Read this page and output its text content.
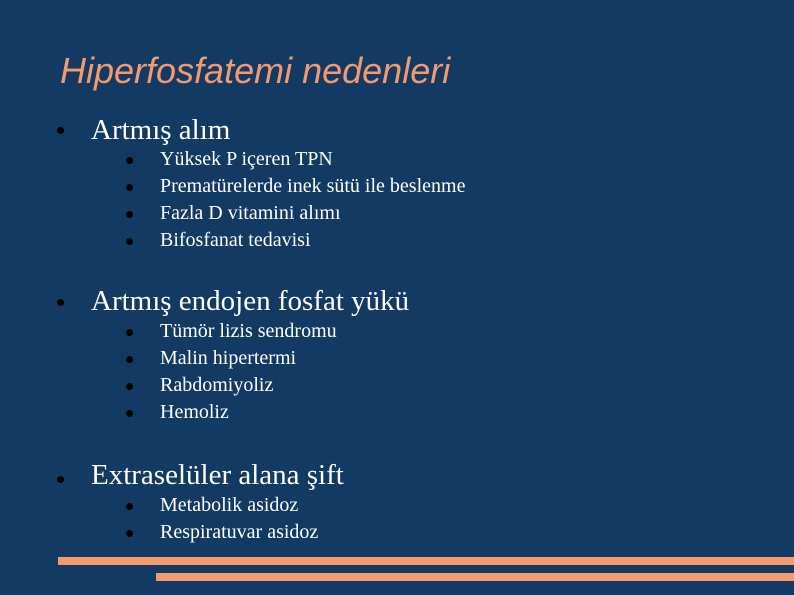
Hiperfosfatemi nedenleri
Artmış alım
Yüksek P içeren TPN
Prematürelerde inek sütü ile beslenme
Fazla D vitamini alımı
Bifosfanat tedavisi
Artmış endojen fosfat yükü
Tümör lizis sendromu
Malin hipertermi
Rabdomiyoliz
Hemoliz
Extraselüler alana şift
Metabolik asidoz
Respiratuvar asidoz
